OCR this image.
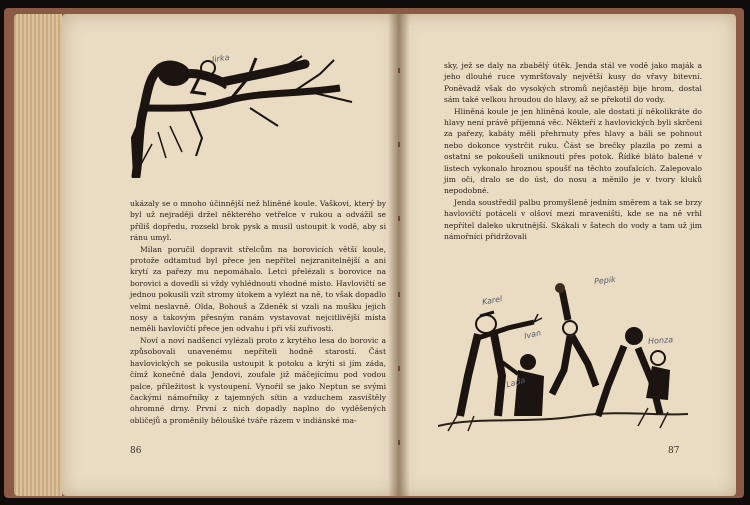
Jirka

ukázaly se o mnoho účinnější než hliněné koule. Vaškovi, který by byl už nejraději držel některého vetřelce v rukou a odvážil se příliš dopředu, rozsekl brok pysk a musil ustoupit k vodě, aby si ránu umyl.

Milan poručil dopravit střelcům na borovicích větší koule, protože odtamtud byl přece jen nepřítel nejzranitelnější a ani krytí za pařezy mu nepomáhalo. Letci přelézali s borovice na borovici a dovedli si vždy vyhlédnouti vhodné místo. Havlovičtí se jednou pokusili vzít stromy útokem a vylézt na ně, to však dopadlo velmi neslavně. Olda, Bohouš a Zdeněk si vzali na mušku jejich nosy a takovým přesným ranám vystavovat nejcitlivější místa neměli havlovičtí přece jen odvahu i při vší zuřivosti.

Noví a noví nadšenci vylézali proto z krytého lesa do borovic a způsobovali unavenému nepříteli hodně starostí. Část havlovických se pokusila ustoupit k potoku a krýti si jím záda, čímž konečně dala Jendovi, zoufale již máčejícímu pod vodou palce, příležitost k vystoupení. Vynořil se jako Neptun se svými čackými námořníky z tajemných sítin a vzduchem zasvištěly ohromné drny. První z nich dopadly naplno do vyděšených obličejů a proměnily běloušké tváře rázem v indiánské ma-

86

sky, jež se daly na zbabělý útěk. Jenda stál ve vodě jako maják a jeho dlouhé ruce vymršťovaly největší kusy do vřavy bitevní. Poněvadž však do vysokých stromů nejčastěji bije hrom, dostal sám také velkou hroudou do hlavy, až se překotil do vody.

Hliněná koule je jen hliněná koule, ale dostati jí několikráte do hlavy není právě příjemná věc. Někteří z havlovických byli skrčeni za pařezy, kabáty měli přehrnuty přes hlavy a báli se pohnout nebo dokonce vystrčit ruku. Část se brečky plazila po zemi a ostatní se pokoušeli uniknouti přes potok. Řídké bláto balené v listech vykonalo hroznou spoušť na těchto zoufalcích. Zalepovalo jim oči, dralo se do úst, do nosu a měnilo je v tvory kluků nepodobné.

Jenda soustředil palbu promyšleně jedním směrem a tak se brzy havlovičtí potáceli v olšoví mezi mraveništi, kde se na ně vrhl nepřítel daleko ukrutnější. Skákali v šatech do vody a tam už jim námořníci přidržovali

Karel
Pepik
Ivan	Honza
Lada
87
